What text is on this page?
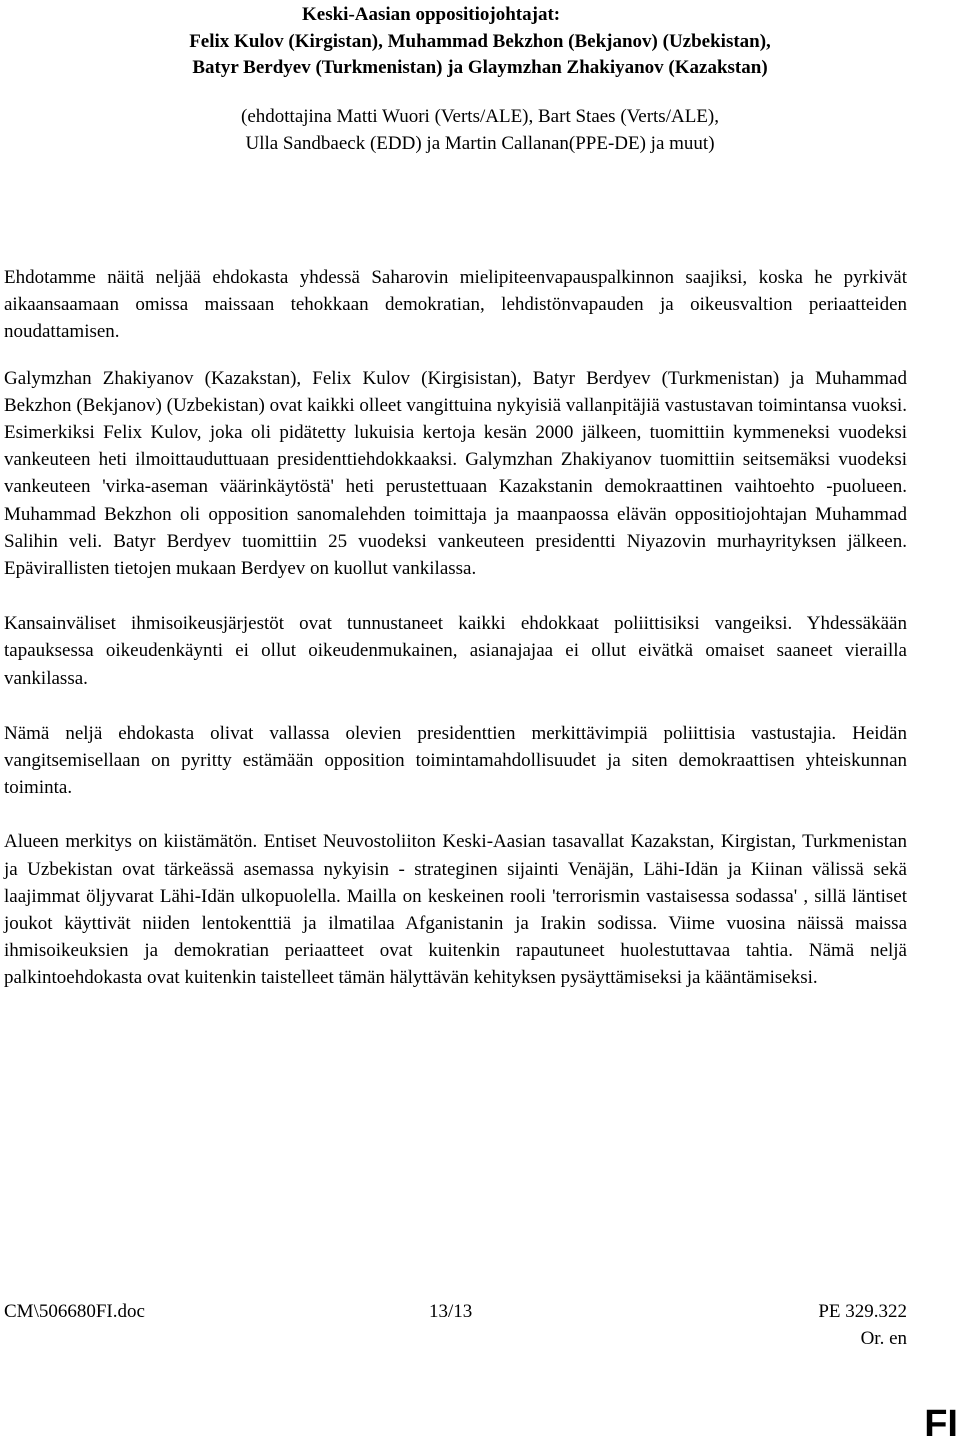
Keski-Aasian oppositiojohtajat:
Felix Kulov (Kirgistan), Muhammad Bekzhon (Bekjanov) (Uzbekistan),
Batyr Berdyev (Turkmenistan) ja Glaymzhan Zhakiyanov (Kazakstan)
(ehdottajina Matti Wuori (Verts/ALE), Bart Staes (Verts/ALE),
Ulla Sandbaeck (EDD) ja Martin Callanan(PPE-DE) ja muut)

Ehdotamme näitä neljää ehdokasta yhdessä Saharovin mielipiteenvapauspalkinnon saajiksi, koska he pyrkivät aikaansaamaan omissa maissaan tehokkaan demokratian, lehdistönvapauden ja oikeusvaltion periaatteiden noudattamisen.

Galymzhan Zhakiyanov (Kazakstan), Felix Kulov (Kirgisistan), Batyr Berdyev (Turkmenistan) ja Muhammad Bekzhon (Bekjanov) (Uzbekistan) ovat kaikki olleet vangittuina nykyisiä vallanpitäjiä vastustavan toimintansa vuoksi. Esimerkiksi Felix Kulov, joka oli pidätetty lukuisia kertoja kesän 2000 jälkeen, tuomittiin kymmeneksi vuodeksi vankeuteen heti ilmoittauduttuaan presidenttiehdokkaaksi. Galymzhan Zhakiyanov tuomittiin seitsemäksi vuodeksi vankeuteen 'virka-aseman väärinkäytöstä' heti perustettuaan Kazakstanin demokraattinen vaihtoehto -puolueen. Muhammad Bekzhon oli opposition sanomalehden toimittaja ja maanpaossa elävän oppositiojohtajan Muhammad Salihin veli. Batyr Berdyev tuomittiin 25 vuodeksi vankeuteen presidentti Niyazovin murhayrityksen jälkeen. Epävirallisten tietojen mukaan Berdyev on kuollut vankilassa.

Kansainväliset ihmisoikeusjärjestöt ovat tunnustaneet kaikki ehdokkaat poliittisiksi vangeiksi. Yhdessäkään tapauksessa oikeudenkäynti ei ollut oikeudenmukainen, asianajajaa ei ollut eivätkä omaiset saaneet vierailla vankilassa.

Nämä neljä ehdokasta olivat vallassa olevien presidenttien merkittävimpiä poliittisia vastustajia. Heidän vangitsemisellaan on pyritty estämään opposition toimintamahdollisuudet ja siten demokraattisen yhteiskunnan toiminta.

Alueen merkitys on kiistämätön. Entiset Neuvostoliiton Keski-Aasian tasavallat Kazakstan, Kirgistan, Turkmenistan ja Uzbekistan ovat tärkeässä asemassa nykyisin - strateginen sijainti Venäjän, Lähi-Idän ja Kiinan välissä sekä laajimmat öljyvarat Lähi-Idän ulkopuolella. Mailla on keskeinen rooli 'terrorismin vastaisessa sodassa' , sillä läntiset joukot käyttivät niiden lentokenttiä ja ilmatilaa Afganistanin ja Irakin sodissa. Viime vuosina näissä maissa ihmisoikeuksien ja demokratian periaatteet ovat kuitenkin rapautuneet huolestuttavaa tahtia. Nämä neljä palkintoehdokasta ovat kuitenkin taistelleet tämän hälyttävän kehityksen pysäyttämiseksi ja kääntämiseksi.

CM\506680FI.doc	13/13	PE 329.322
Or. en
FI
